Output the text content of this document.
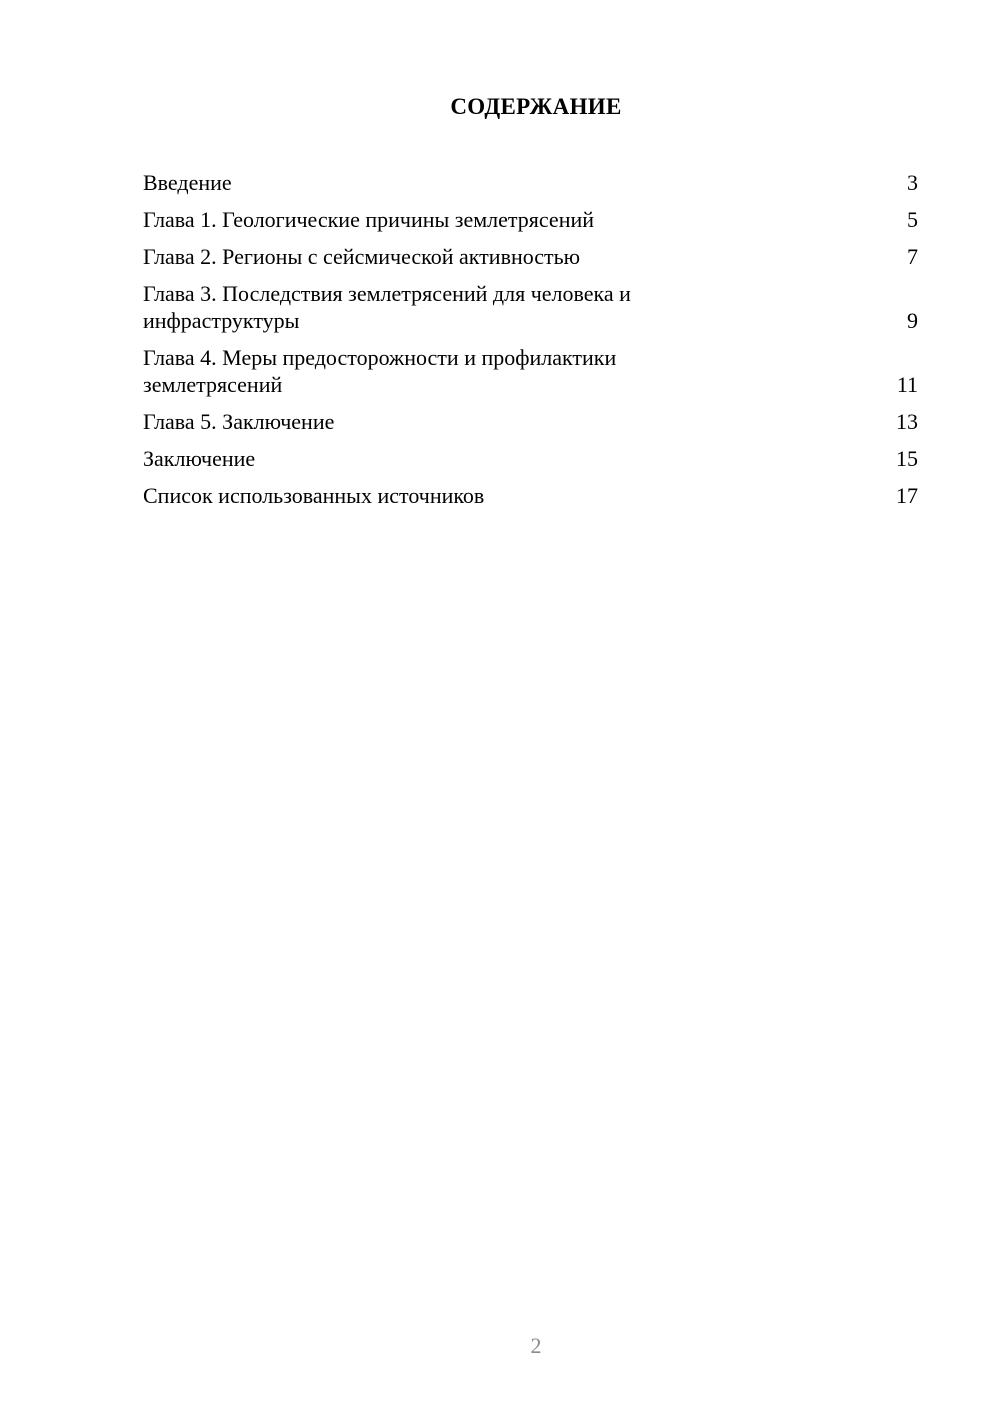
СОДЕРЖАНИЕ
Введение	3
Глава 1. Геологические причины землетрясений	5
Глава 2. Регионы с сейсмической активностью	7
Глава 3. Последствия землетрясений для человека и
инфраструктуры	9
Глава 4. Меры предосторожности и профилактики
землетрясений	11
Глава 5. Заключение	13
Заключение	15
Список использованных источников	17
2
